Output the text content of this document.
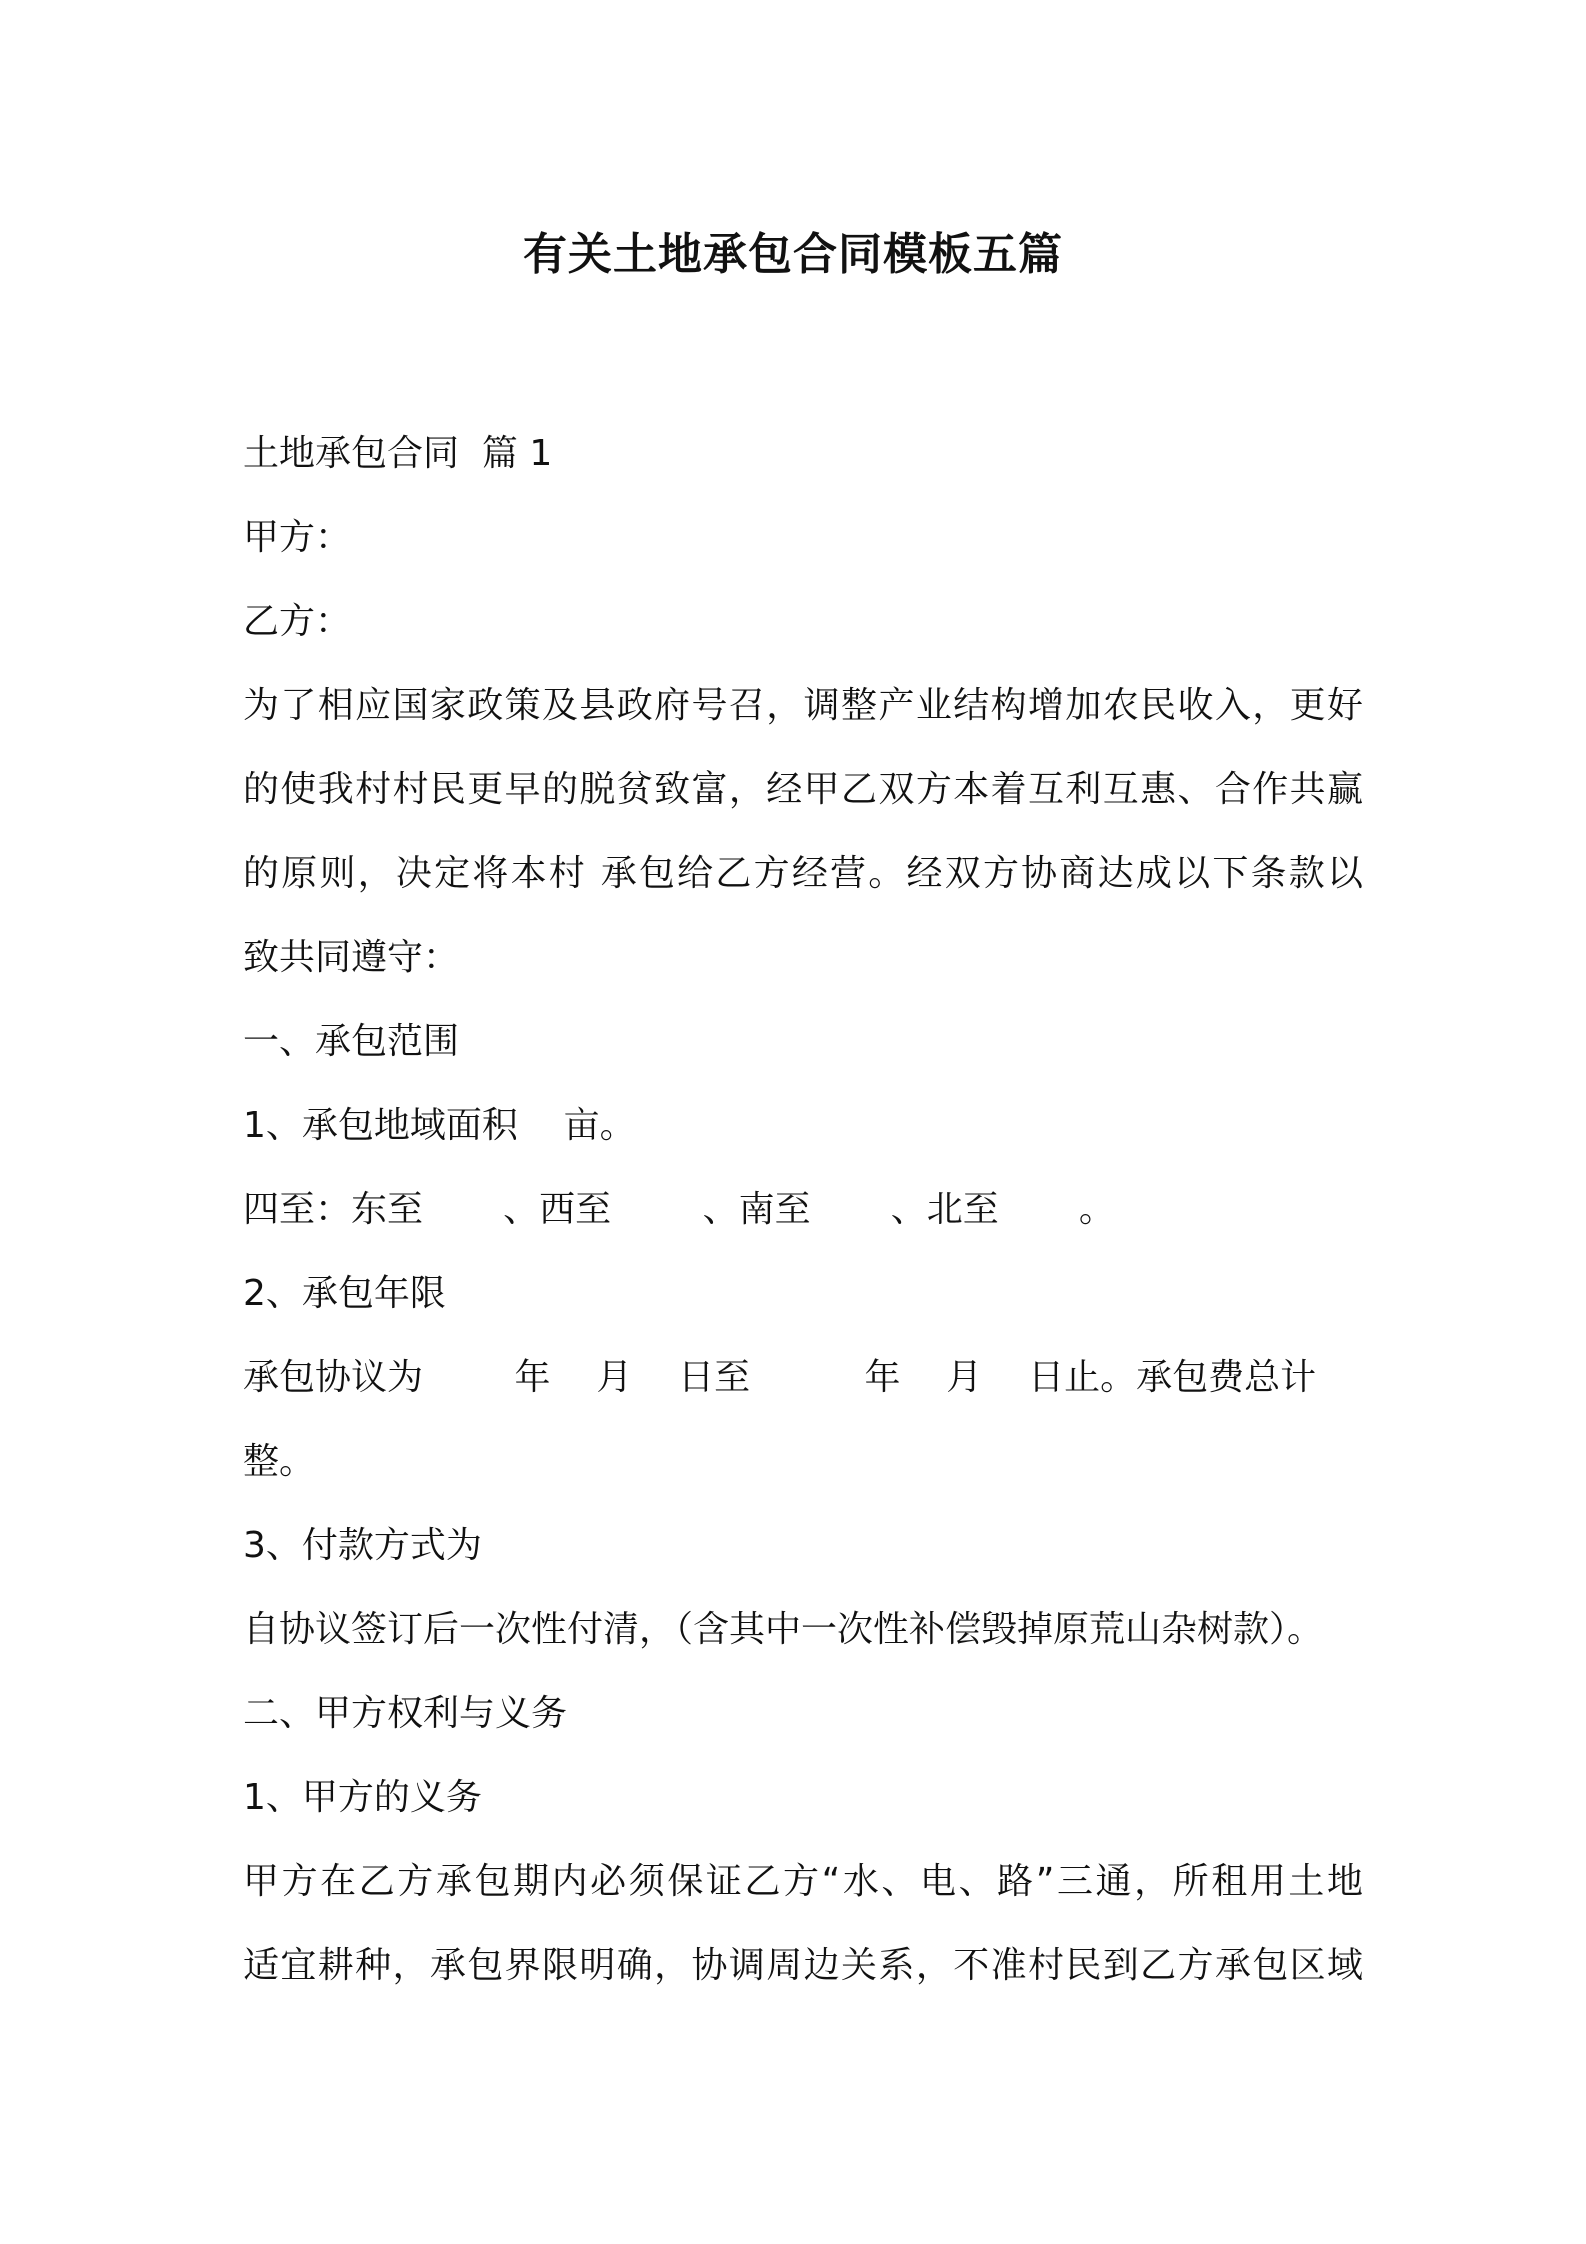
有关土地承包合同模板五篇
土地承包合同  篇 1
甲方：
乙方：
为了相应国家政策及县政府号召，调整产业结构增加农民收入，更好
的使我村村民更早的脱贫致富，经甲乙双方本着互利互惠、合作共赢
的原则，决定将本村 承包给乙方经营。经双方协商达成以下条款以
致共同遵守：
一、承包范围
1、承包地域面积    亩。
四至：东至       、西至        、南至       、北至       。
2、承包年限
承包协议为        年    月    日至          年    月    日止。承包费总计
整。
3、付款方式为
自协议签订后一次性付清，（含其中一次性补偿毁掉原荒山杂树款）。
二、甲方权利与义务
1、甲方的义务
甲方在乙方承包期内必须保证乙方“水、电、路”三通，所租用土地
适宜耕种，承包界限明确，协调周边关系，不准村民到乙方承包区域
